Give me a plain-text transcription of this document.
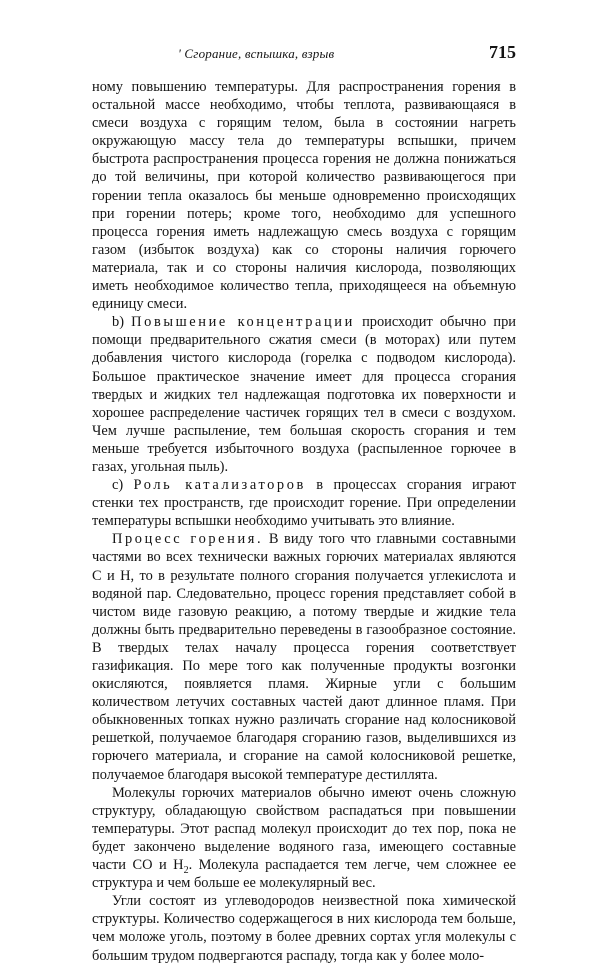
' Сгорание, вспышка, взрыв	715

ному повышению температуры. Для распространения горения в остальной массе необходимо, чтобы теплота, развивающаяся в смеси воздуха с горящим телом, была в состоянии нагреть окружающую массу тела до температуры вспышки, причем быстрота распространения процесса горения не должна понижаться до той величины, при которой количество развивающегося при горении тепла оказалось бы меньше одновременно происходящих при горении потерь; кроме того, необходимо для успешного процесса горения иметь надлежащую смесь воздуха с горящим газом (избыток воздуха) как со стороны наличия горючего материала, так и со стороны наличия кислорода, позволяющих иметь необходимое количество тепла, приходящееся на объемную единицу смеси.

b) Повышение концентрации происходит обычно при помощи предварительного сжатия смеси (в моторах) или путем добавления чистого кислорода (горелка с подводом кислорода). Большое практическое значение имеет для процесса сгорания твердых и жидких тел надлежащая подготовка их поверхности и хорошее распределение частичек горящих тел в смеси с воздухом. Чем лучше распыление, тем большая скорость сгорания и тем меньше требуется избыточного воздуха (распыленное горючее в газах, угольная пыль).

c) Роль катализаторов в процессах сгорания играют стенки тех пространств, где происходит горение. При определении температуры вспышки необходимо учитывать это влияние.

Процесс горения. В виду того что главными составными частями во всех технически важных горючих материалах являются С и Н, то в результате полного сгорания получается углекислота и водяной пар. Следовательно, процесс горения представляет собой в чистом виде газовую реакцию, а потому твердые и жидкие тела должны быть предварительно переведены в газообразное состояние. В твердых телах началу процесса горения соответствует газификация. По мере того как полученные продукты возгонки окисляются, появляется пламя. Жирные угли с большим количеством летучих составных частей дают длинное пламя. При обыкновенных топках нужно различать сгорание над колосниковой решеткой, получаемое благодаря сгоранию газов, выделившихся из горючего материала, и сгорание на самой колосниковой решетке, получаемое благодаря высокой температуре дестиллята.

Молекулы горючих материалов обычно имеют очень сложную структуру, обладающую свойством распадаться при повышении температуры. Этот распад молекул происходит до тех пор, пока не будет закончено выделение водяного газа, имеющего составные части СО и $Н_2$. Молекула распадается тем легче, чем сложнее ее структура и чем больше ее молекулярный вес.

Угли состоят из углеводородов неизвестной пока химической структуры. Количество содержащегося в них кислорода тем больше, чем моложе уголь, поэтому в более древних сортах угля молекулы с большим трудом подвергаются распаду, тогда как у более моло-
